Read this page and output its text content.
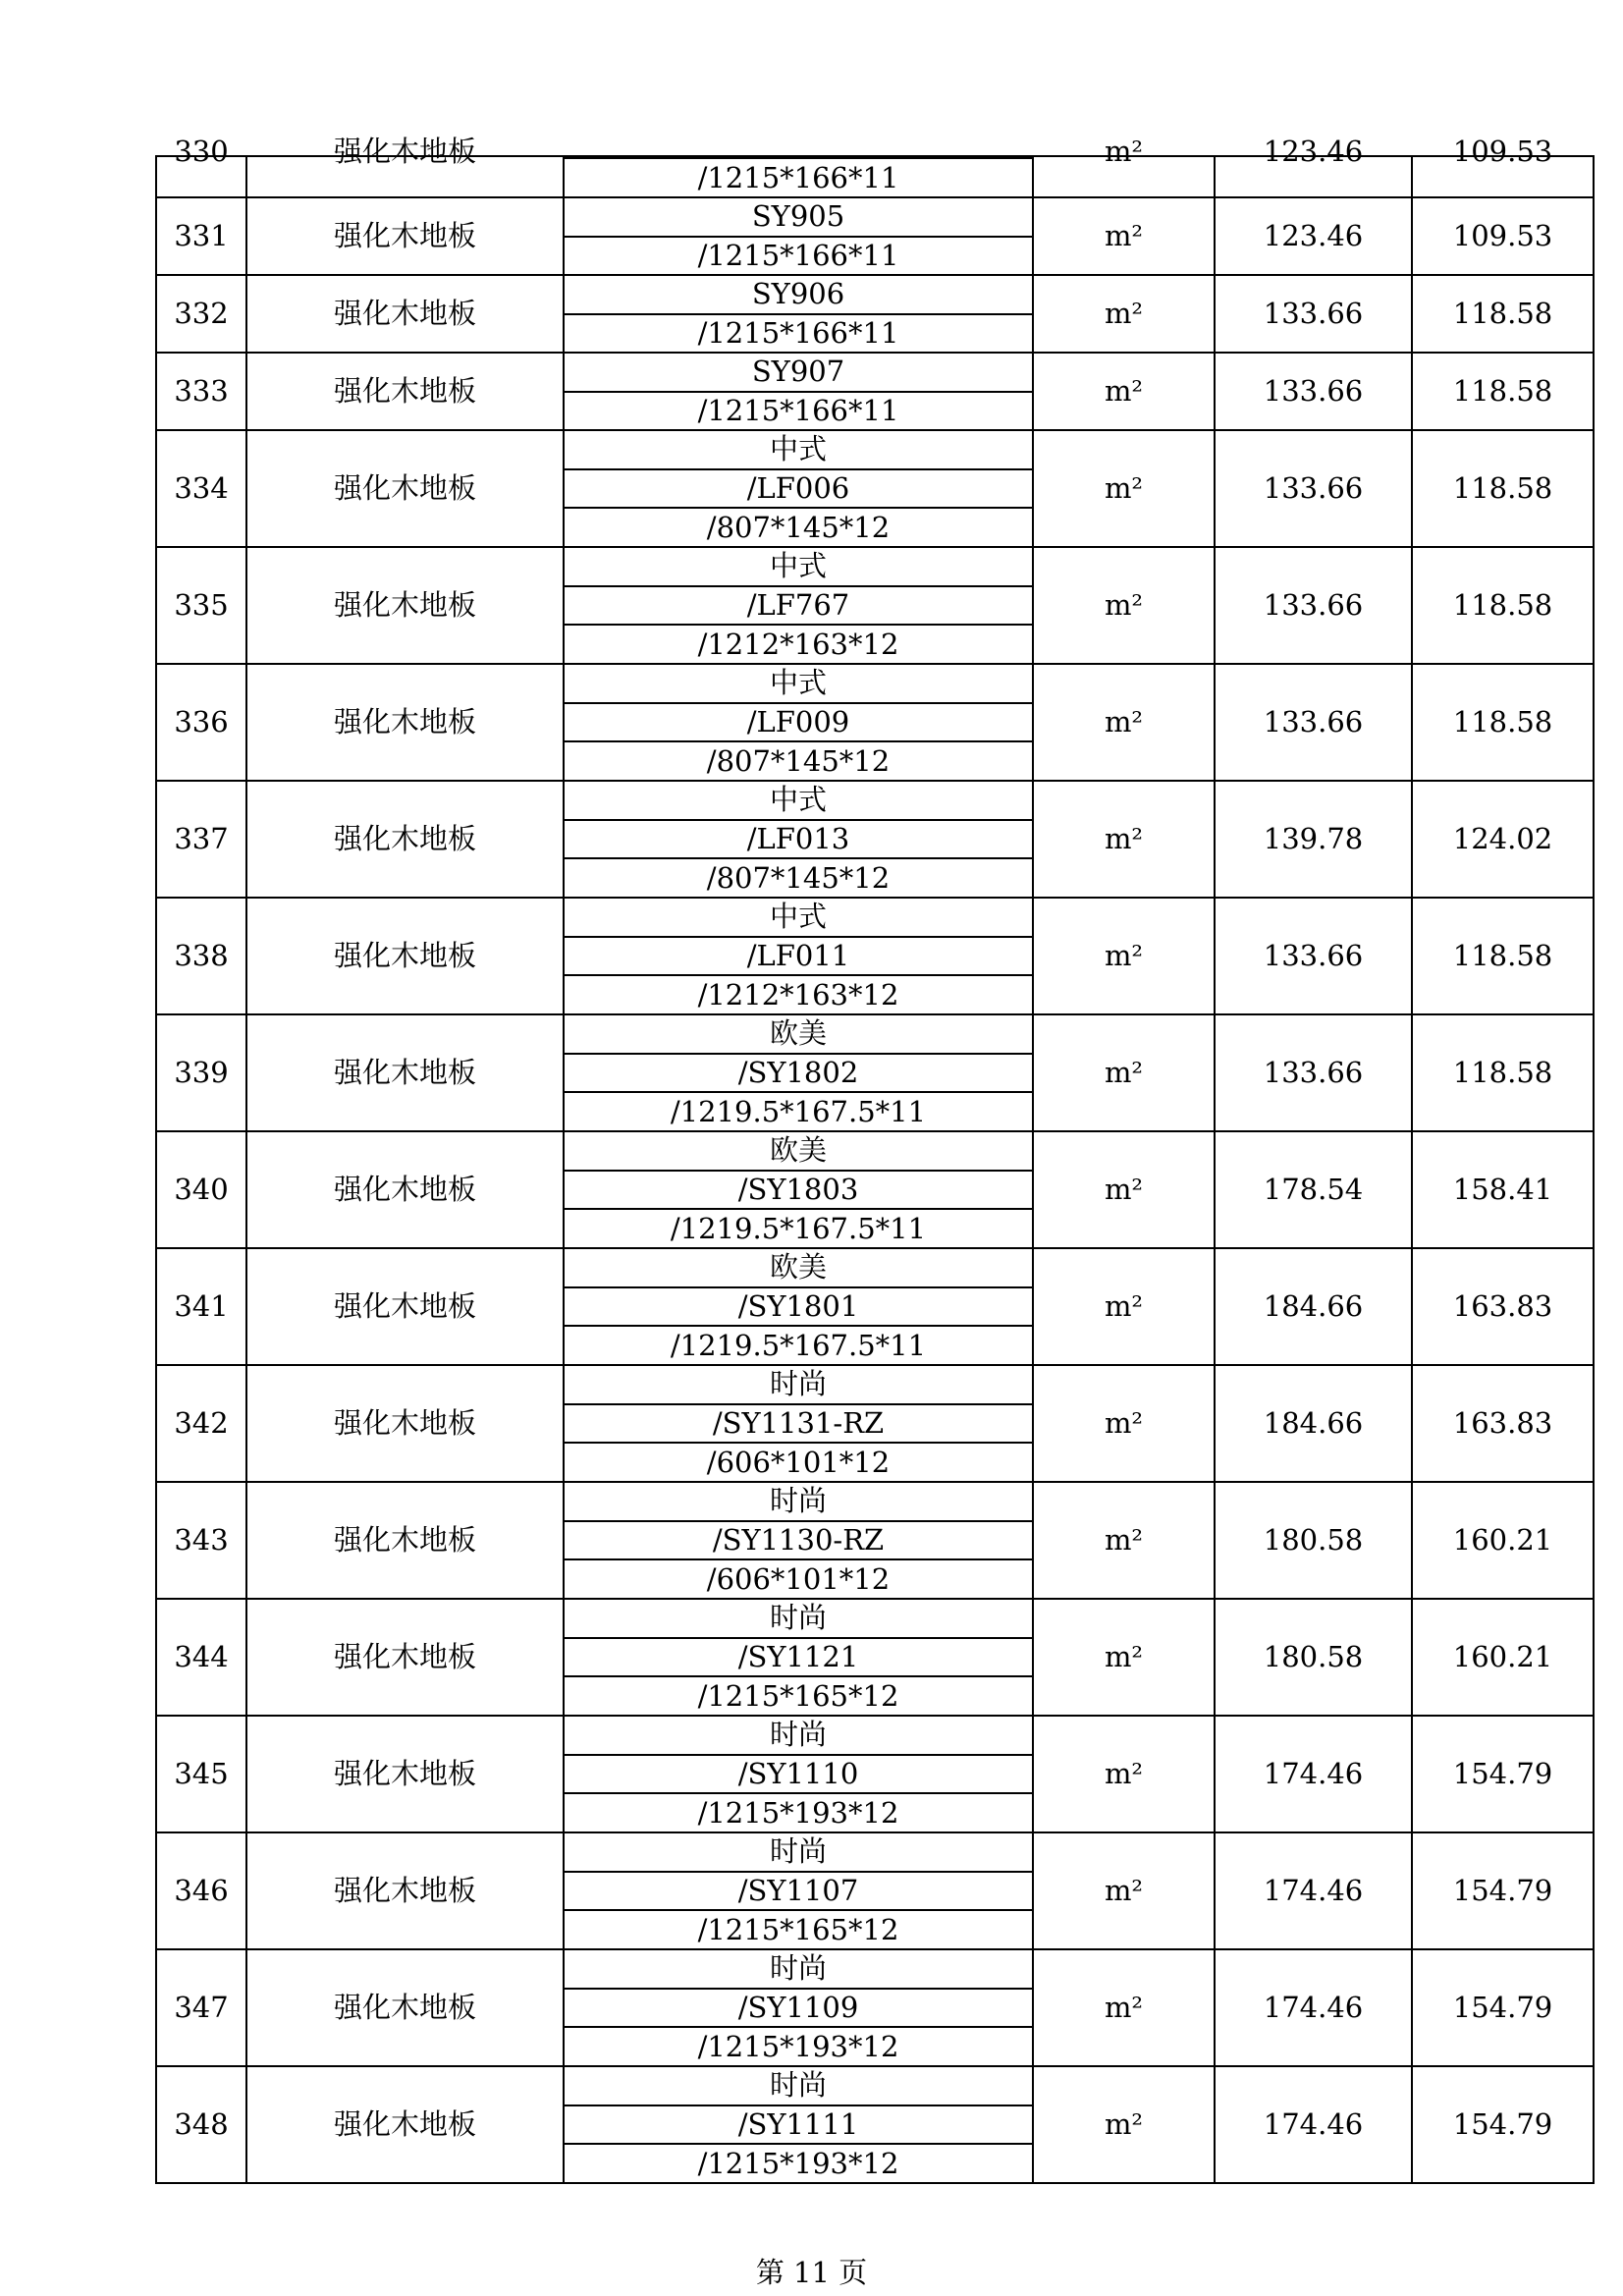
330	强化木地板	/1215*166*11	m²	123.46	109.53

331	强化木地板	SY905
/1215*166*11	m²	123.46	109.53
332	强化木地板	SY906
/1215*166*11	m²	133.66	118.58
333	强化木地板	SY907
/1215*166*11	m²	133.66	118.58
334	强化木地板	中式
/LF006
/807*145*12	m²	133.66	118.58
335	强化木地板	中式
/LF767
/1212*163*12	m²	133.66	118.58
336	强化木地板	中式
/LF009
/807*145*12	m²	133.66	118.58
337	强化木地板	中式
/LF013
/807*145*12	m²	139.78	124.02
338	强化木地板	中式
/LF011
/1212*163*12	m²	133.66	118.58
339	强化木地板	欧美
/SY1802
/1219.5*167.5*11	m²	133.66	118.58
340	强化木地板	欧美
/SY1803
/1219.5*167.5*11	m²	178.54	158.41
341	强化木地板	欧美
/SY1801
/1219.5*167.5*11	m²	184.66	163.83
342	强化木地板	时尚
/SY1131-RZ
/606*101*12	m²	184.66	163.83
343	强化木地板	时尚
/SY1130-RZ
/606*101*12	m²	180.58	160.21
344	强化木地板	时尚
/SY1121
/1215*165*12	m²	180.58	160.21
345	强化木地板	时尚
/SY1110
/1215*193*12	m²	174.46	154.79
346	强化木地板	时尚
/SY1107
/1215*165*12	m²	174.46	154.79
347	强化木地板	时尚
/SY1109
/1215*193*12	m²	174.46	154.79
348	强化木地板	时尚
/SY1111
/1215*193*12	m²	174.46	154.79
第 11 页
